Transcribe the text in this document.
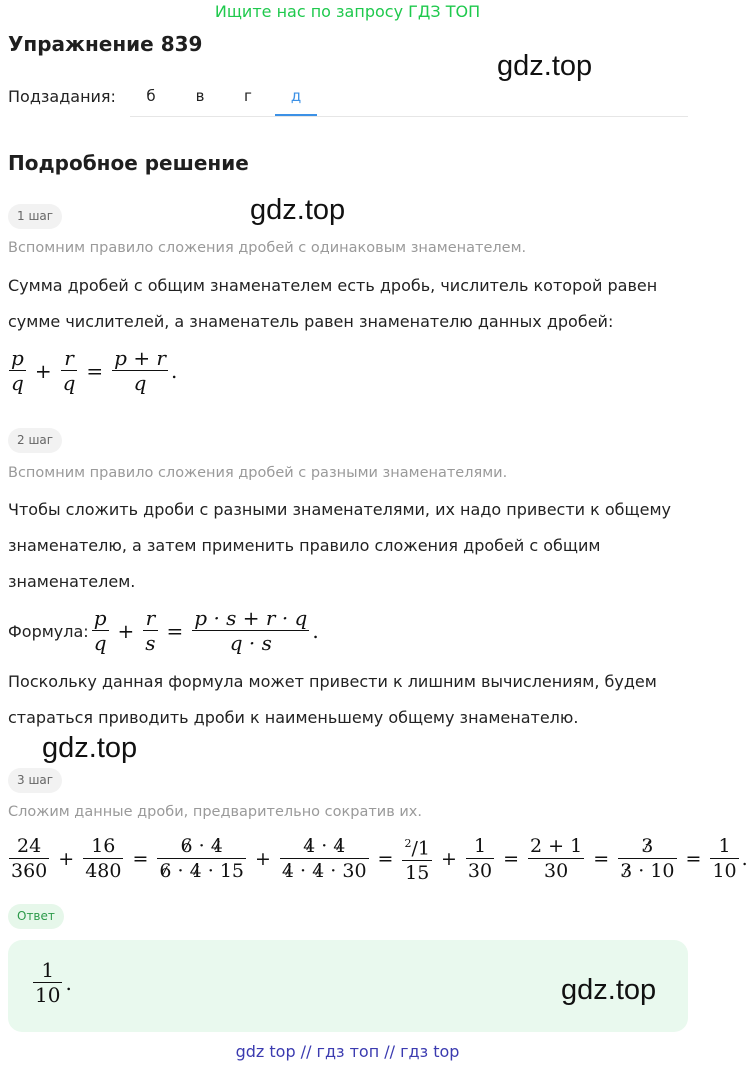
Ищите нас по запросу ГДЗ ТОП
Упражнение 839
gdz.top
Подзадания:	б	в	г	д
Подробное решение
1 шаг	gdz.top
Вспомним правило сложения дробей с одинаковым знаменателем.
Сумма дробей с общим знаменателем есть дробь, числитель которой равен
сумме числителей, а знаменатель равен знаменателю данных дробей:
$\frac{p}{q} + \frac{r}{q} = \frac{p + r}{q}$ .
2 шаг
Вспомним правило сложения дробей с разными знаменателями.
Чтобы сложить дроби с разными знаменателями, их надо привести к общему
знаменателю, а затем применить правило сложения дробей с общим
знаменателем.
Формула: $\frac{p}{q} + \frac{r}{s} = \frac{p \cdot s + r \cdot q}{q \cdot s}$ .
Поскольку данная формула может привести к лишним вычислениям, будем
стараться приводить дроби к наименьшему общему знаменателю.
gdz.top
3 шаг
Сложим данные дроби, предварительно сократив их.
$\frac{24}{360} + \frac{16}{480} = \frac{6 \cdot 4}{6 \cdot 4 \cdot 15} + \frac{4 \cdot 4}{4 \cdot 4 \cdot 30} = \frac{^2/1}{15} + \frac{1}{30} = \frac{2 + 1}{30} = \frac{3}{3 \cdot 10} = \frac{1}{10}$ .
Ответ
$\frac{1}{10}$ .	gdz.top
gdz top // гдз топ // гдз top
